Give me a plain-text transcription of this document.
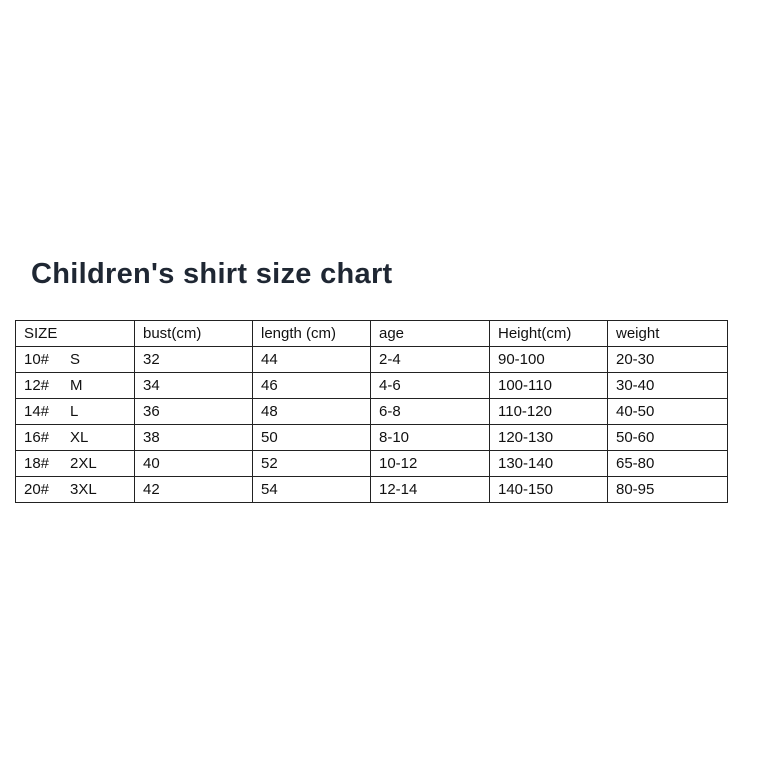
Children's shirt size chart
SIZE	bust(cm)	length (cm)	age	Height(cm)	weight
10# S	32	44	2-4	90-100	20-30
12# M	34	46	4-6	100-110	30-40
14# L	36	48	6-8	110-120	40-50
16# XL	38	50	8-10	120-130	50-60
18# 2XL	40	52	10-12	130-140	65-80
20# 3XL	42	54	12-14	140-150	80-95
